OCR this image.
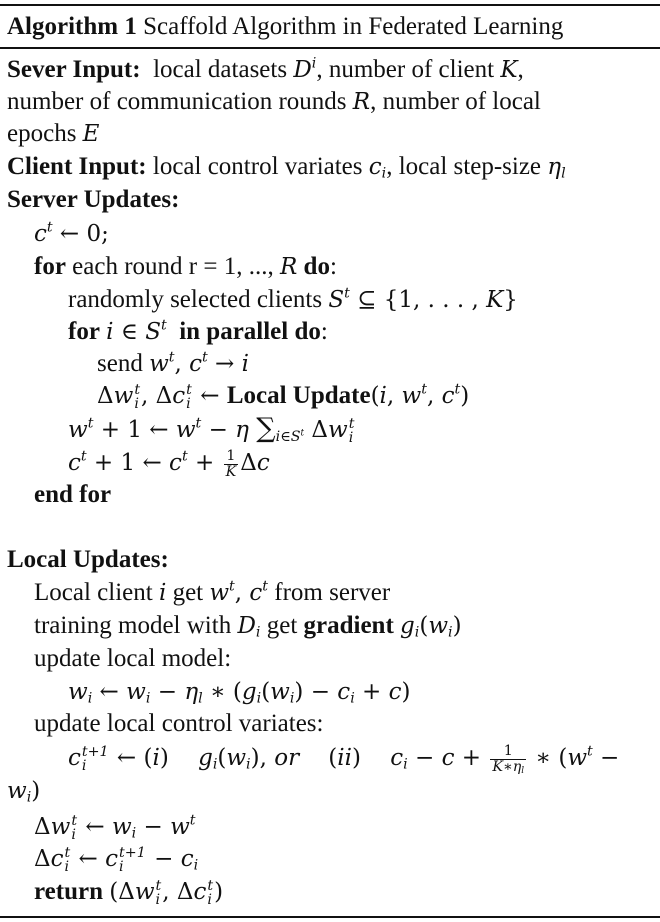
Algorithm 1 Scaffold Algorithm in Federated Learning
Sever Input: local datasets $D^i$, number of client K,
number of communication rounds R, number of local
epochs E
Client Input: local control variates $c_i$, local step-size $\eta_l$
Server Updates:
$c^t$ ← 0;
for each round r = 1, ..., R do:
randomly selected clients $S^t$ ⊆ {1, . . . , K}
for i ∈ $S^t$ in parallel do:
send $w^t$, $c^t \to i$
Δw t
i , Δc t
i ← Local Update(i, $w^t$, $c^t$)
$w^t + 1$ ← $w^t - \eta$ $\sum_{i\in S^t}$ Δw t
i
$c^t + 1$ ← $c^t + \frac{1}{K}$ Δc
end for
Local Updates:
Local client i get $w^t$, $c^t$ from server
training model with $D_i$ get gradient $g_i(w_i)$
update local model:
$w_i$ ← $w_i - \eta_l$ ∗ $(g_i(w_i) - c_i + c)$
update local control variates:
c t+1
i	← (i)    $g_i(w_i)$, or    (ii)    $c_i - c + \frac{1}{K∗\eta_l}$ ∗ ($w^t$ −
$w_i$)
Δw t
i ← $w_i - w^t$
Δc t
i ← c t+1
i	− $c_i$
return (Δw t
i , Δc t
i )
